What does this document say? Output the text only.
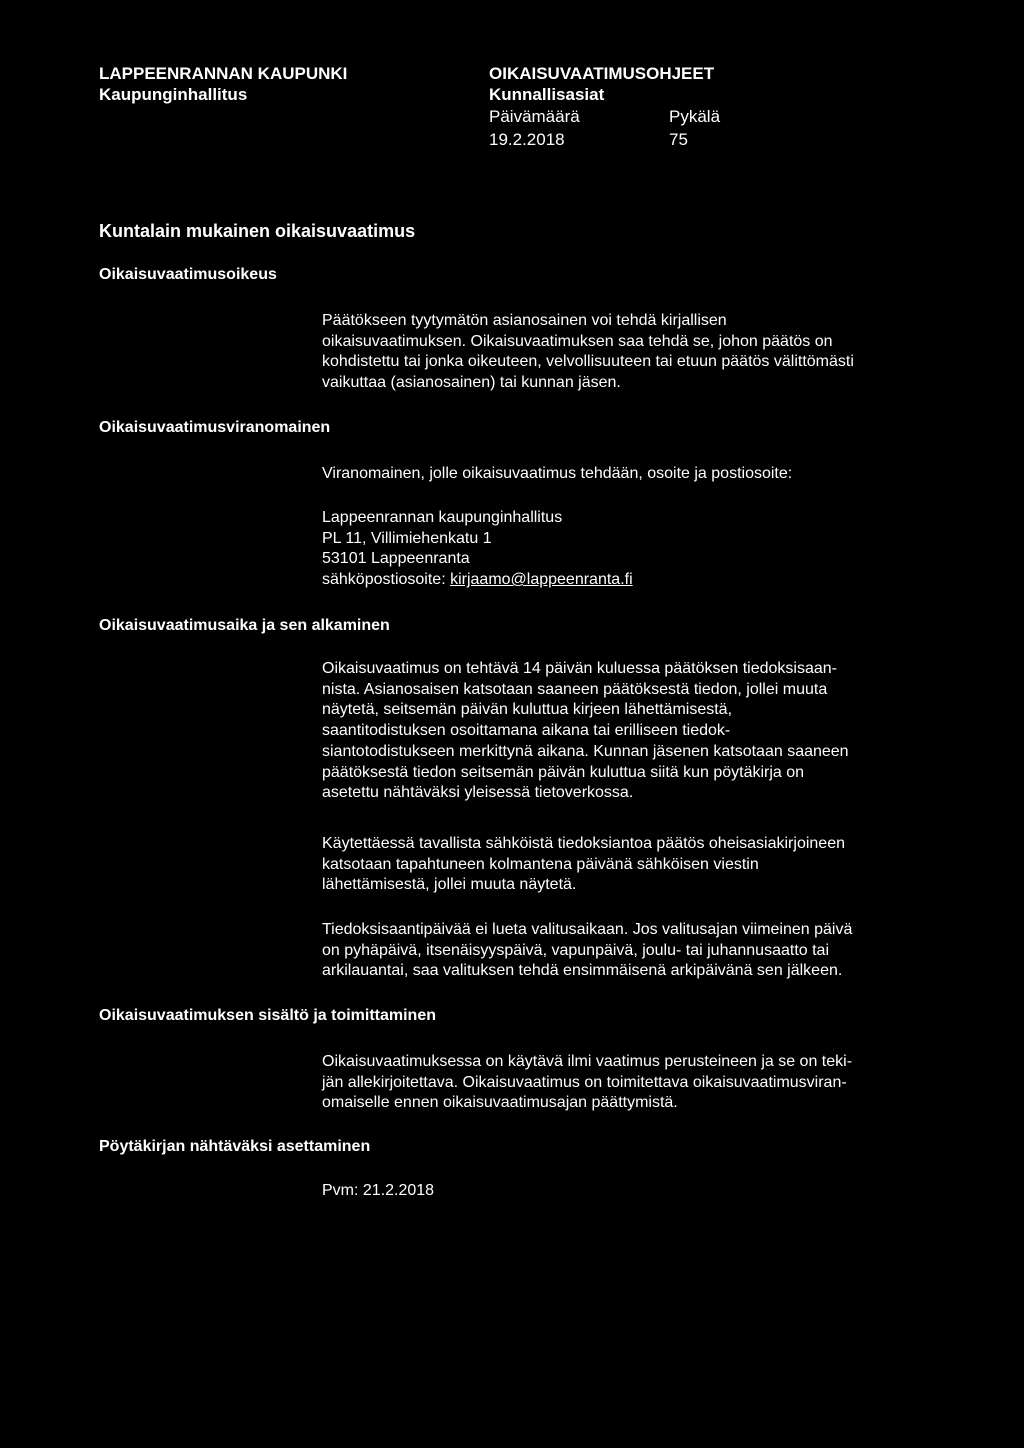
LAPPEENRANNAN KAUPUNKI
Kaupunginhallitus
OIKAISUVAATIMUSOHJEET
Kunnallisasiat
Päivämäärä	Pykälä
19.2.2018	75
Kuntalain mukainen oikaisuvaatimus
Oikaisuvaatimusoikeus
Päätökseen tyytymätön asianosainen voi tehdä kirjallisen
oikaisuvaatimuksen. Oikaisuvaatimuksen saa tehdä se, johon päätös on
kohdistettu tai jonka oikeuteen, velvollisuuteen tai etuun päätös välittömästi
vaikuttaa (asianosainen) tai kunnan jäsen.
Oikaisuvaatimusviranomainen
Viranomainen, jolle oikaisuvaatimus tehdään, osoite ja postiosoite:
Lappeenrannan kaupunginhallitus
PL 11, Villimiehenkatu 1
53101 Lappeenranta
sähköpostiosoite: kirjaamo@lappeenranta.fi
Oikaisuvaatimusaika ja sen alkaminen
Oikaisuvaatimus on tehtävä 14 päivän kuluessa päätöksen tiedoksisaan-
nista. Asianosaisen katsotaan saaneen päätöksestä tiedon, jollei muuta
näytetä, seitsemän päivän kuluttua kirjeen lähettämisestä,
saantitodistuksen osoittamana aikana tai erilliseen tiedok-
siantotodistukseen merkittynä aikana. Kunnan jäsenen katsotaan saaneen
päätöksestä tiedon seitsemän päivän kuluttua siitä kun pöytäkirja on
asetettu nähtäväksi yleisessä tietoverkossa.
Käytettäessä tavallista sähköistä tiedoksiantoa päätös oheisasiakirjoineen
katsotaan tapahtuneen kolmantena päivänä sähköisen viestin
lähettämisestä, jollei muuta näytetä.
Tiedoksisaantipäivää ei lueta valitusaikaan. Jos valitusajan viimeinen päivä
on pyhäpäivä, itsenäisyyspäivä, vapunpäivä, joulu- tai juhannusaatto tai
arkilauantai, saa valituksen tehdä ensimmäisenä arkipäivänä sen jälkeen.
Oikaisuvaatimuksen sisältö ja toimittaminen
Oikaisuvaatimuksessa on käytävä ilmi vaatimus perusteineen ja se on teki-
jän allekirjoitettava. Oikaisuvaatimus on toimitettava oikaisuvaatimusviran-
omaiselle ennen oikaisuvaatimusajan päättymistä.
Pöytäkirjan nähtäväksi asettaminen
Pvm: 21.2.2018
